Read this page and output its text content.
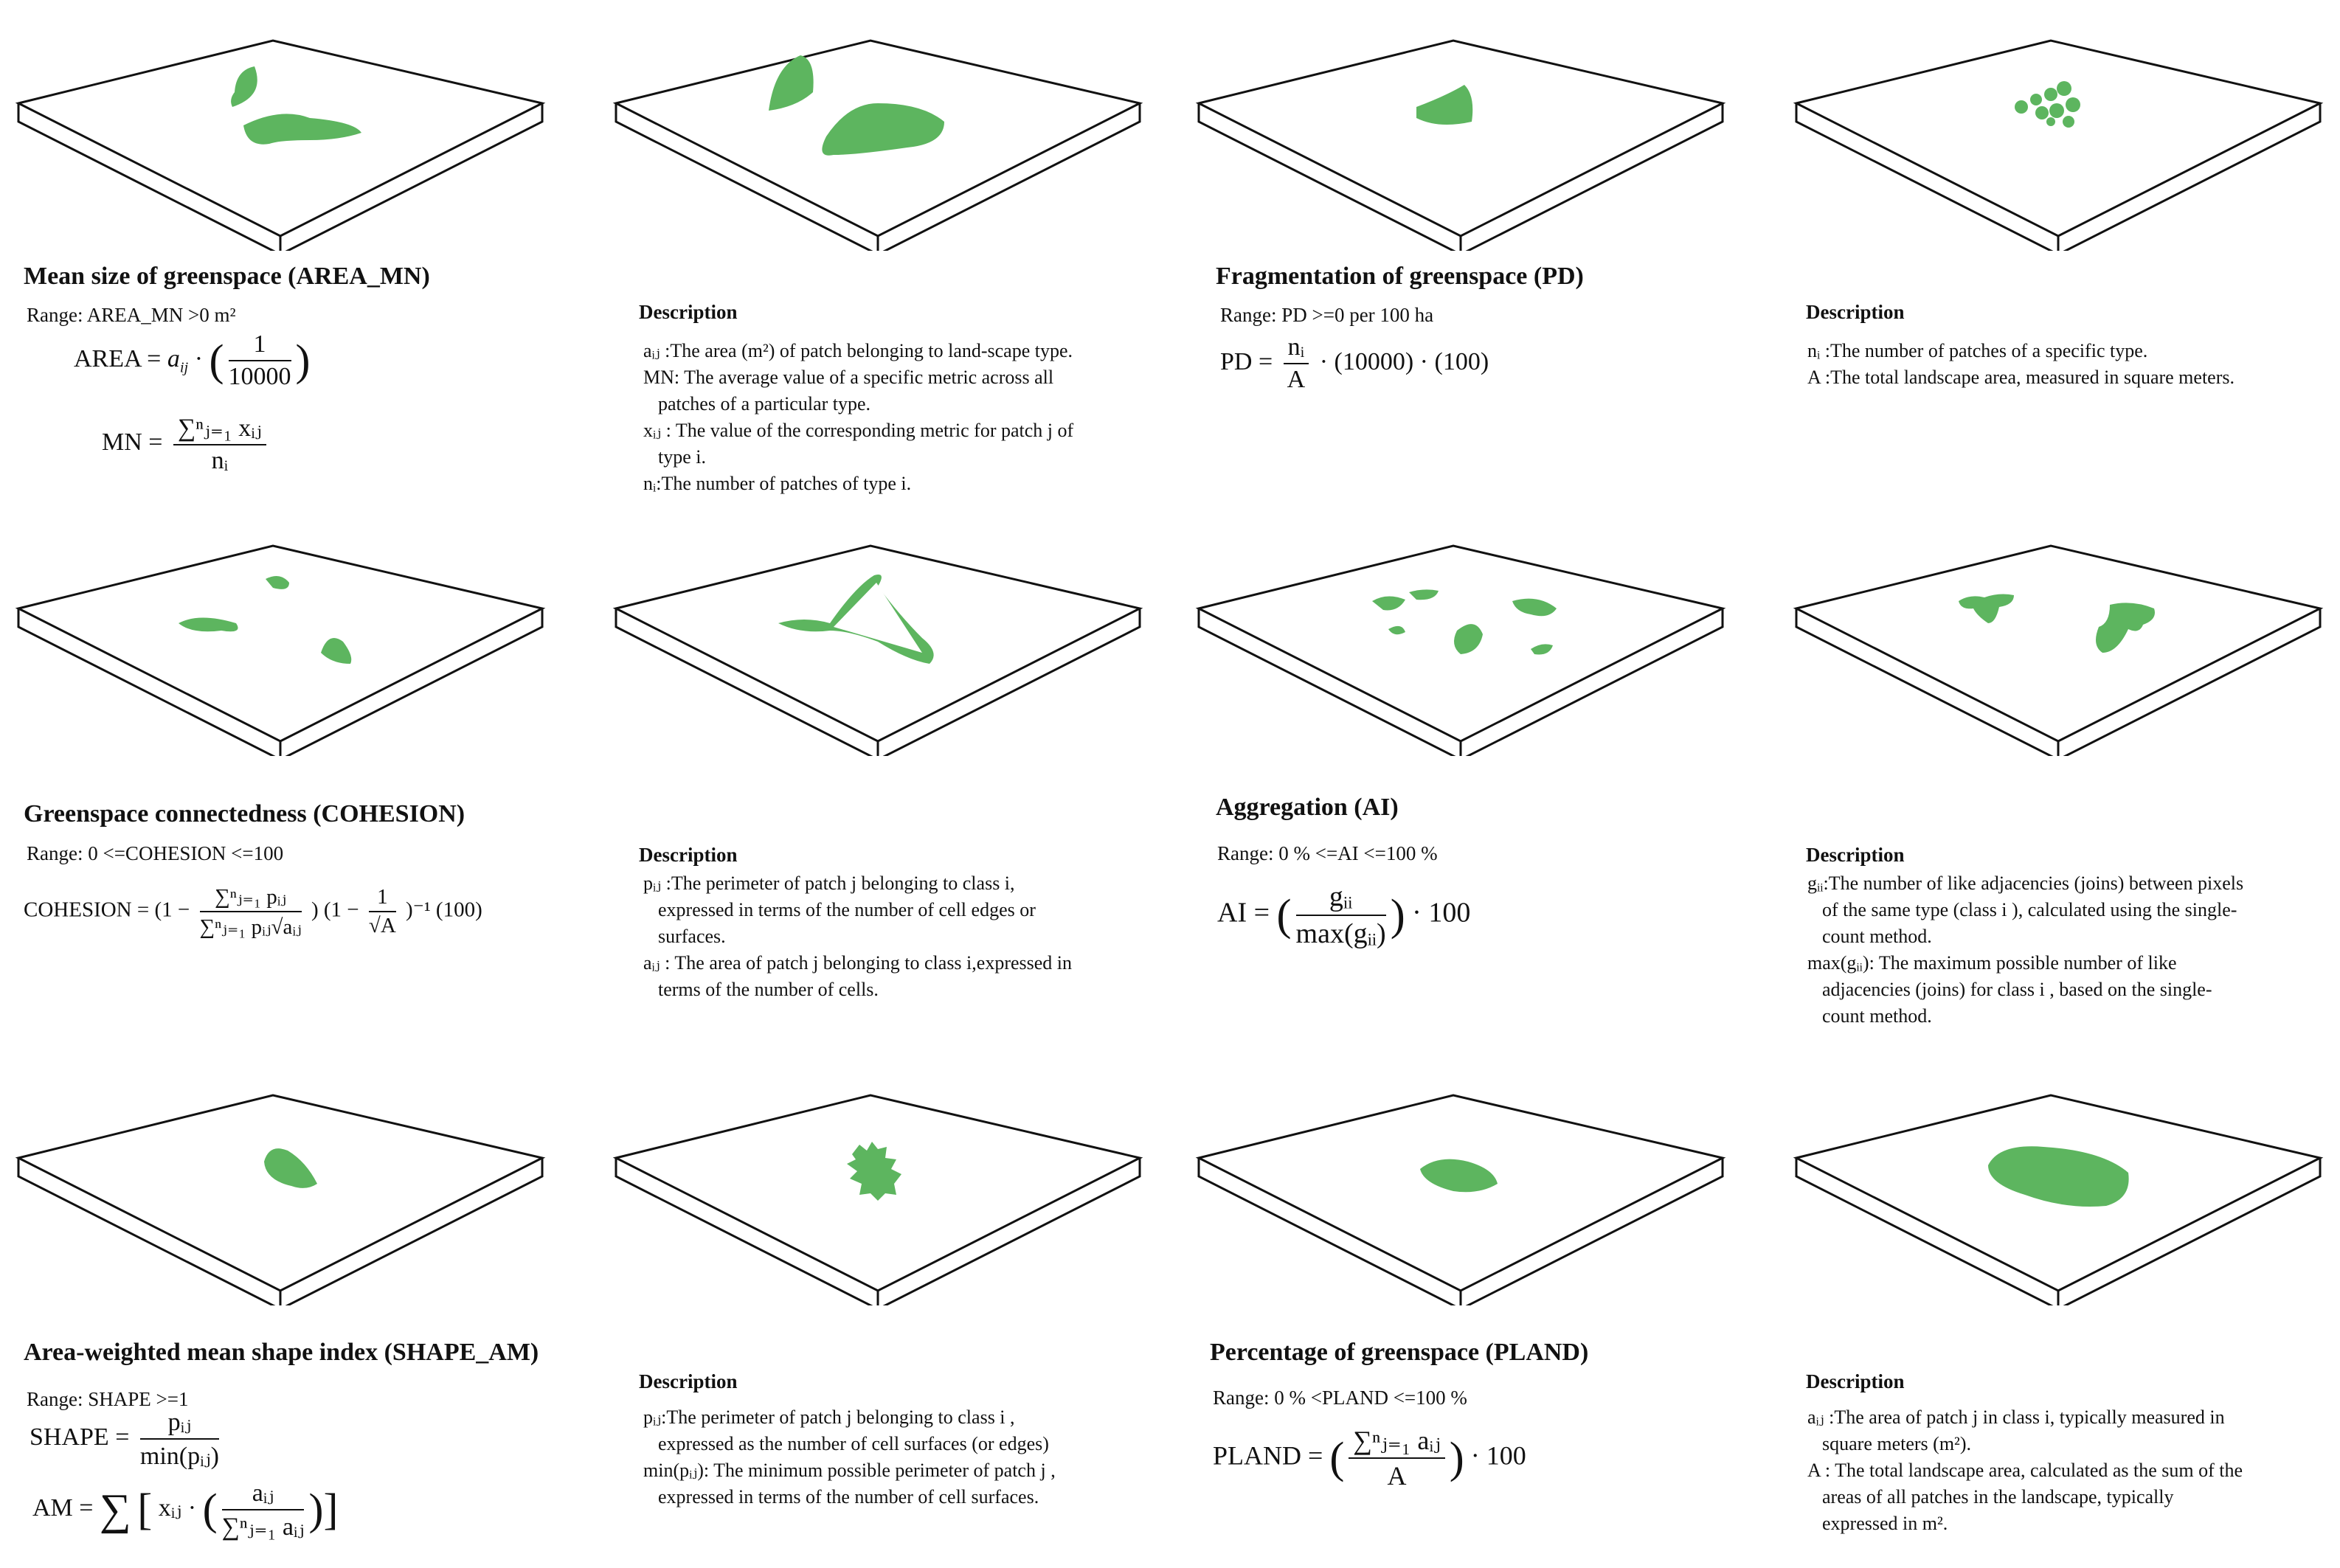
Mean size of greenspace (AREA_MN)
Range: AREA_MN >0 m²
AREA = $a_{ij}$ · ( $\frac{1}{10000}$ )
MN = $\frac{\text{∑ⁿⱼ₌₁ xᵢⱼ}}{\text{nᵢ}}$
Description

aᵢⱼ :The area (m²) of patch belonging to land-scape type.

MN: The average value of a specific metric across all patches of a particular type.

xᵢⱼ : The value of the corresponding metric for patch j of type i.

nᵢ:The number of patches of type i.

Fragmentation of greenspace (PD)
Range: PD >=0 per 100 ha
PD = $\frac{\text{nᵢ}}{A} \cdot (10000) \cdot (100)$
Description

nᵢ :The number of patches of a specific type.

A :The total landscape area, measured in square meters.

Greenspace connectedness (COHESION)
Range: 0 <=COHESION <=100
COHESION = ($1 - \frac{\text{∑ⁿⱼ₌₁ pᵢⱼ}}{\text{∑ⁿⱼ₌₁ pᵢⱼ√aᵢⱼ}}$ ) $(1 - \frac{1}{√A} )^{-1}$ (100)
Description

pᵢⱼ :The perimeter of patch j belonging to class i, expressed in terms of the number of cell edges or surfaces.

aᵢⱼ : The area of patch j belonging to class i,expressed in terms of the number of cells.

Aggregation (AI)
Range: 0 % <=AI <=100 %
AI = ( $\frac{\text{gᵢᵢ}}{\text{max(gᵢᵢ)}}$ ) · 100
Description

gᵢᵢ:The number of like adjacencies (joins) between pixels of the same type (class i ), calculated using the single-count method.

max(gᵢᵢ): The maximum possible number of like adjacencies (joins) for class i , based on the single-count method.

Area-weighted mean shape index (SHAPE_AM)
Range: SHAPE >=1
SHAPE = $\frac{\text{pᵢⱼ}}{\text{min(pᵢⱼ)}}$
AM = ∑ [ xᵢⱼ · ( $\frac{\text{aᵢⱼ}}{\text{∑ⁿⱼ₌₁ aᵢⱼ}}$ )]
Description

pᵢⱼ:The perimeter of patch j belonging to class i , expressed as the number of cell surfaces (or edges)

min(pᵢⱼ): The minimum possible perimeter of patch j , expressed in terms of the number of cell surfaces.

Percentage of greenspace (PLAND)
Range: 0 % <PLAND <=100 %
PLAND = ( $\frac{\text{∑ⁿⱼ₌₁ aᵢⱼ}}{A}$ ) · 100
Description

aᵢⱼ :The area of patch j in class i, typically measured in square meters (m²).

A : The total landscape area, calculated as the sum of the areas of all patches in the landscape, typically expressed in m².
